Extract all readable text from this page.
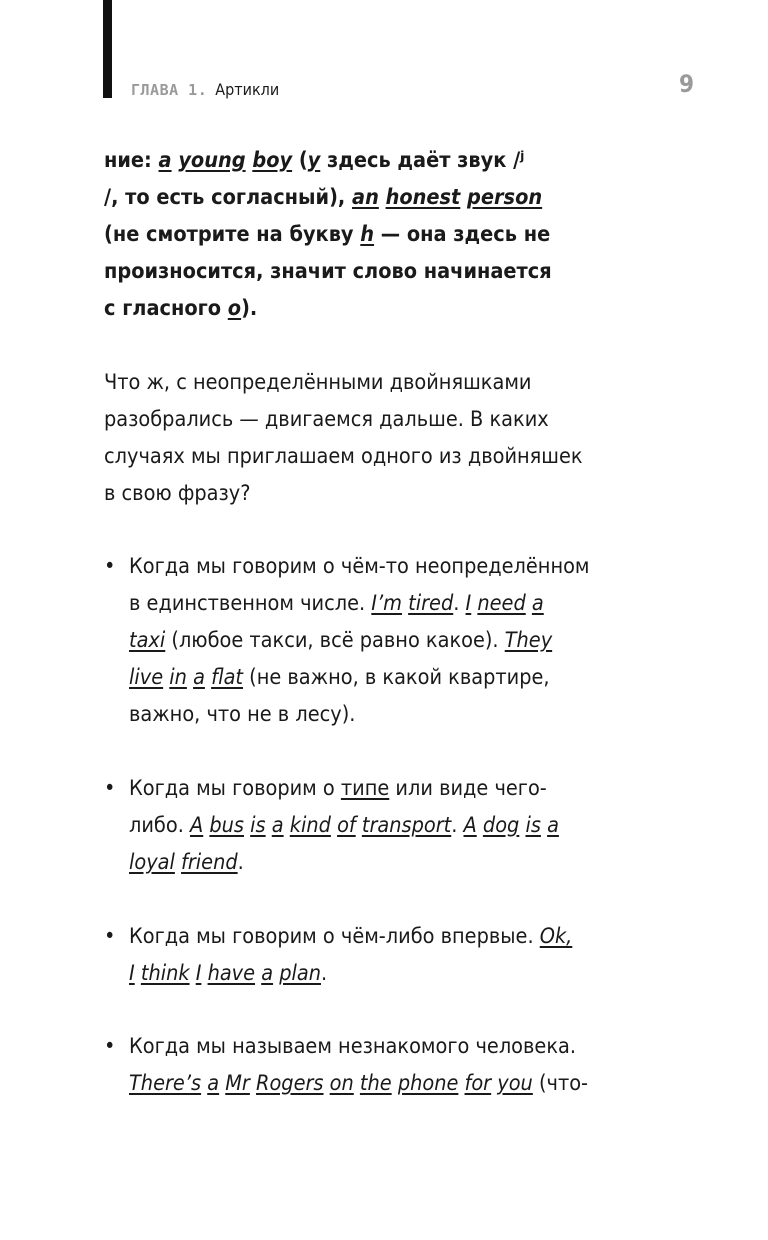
ГЛАВА 1. Артикли	9
ние: a young boy (y здесь даёт звук /ʲ
/, то есть согласный), an honest person
(не смотрите на букву h — она здесь не
произносится, значит слово начинается
с гласного o).
Что ж, с неопределёнными двойняшками
разобрались — двигаемся дальше. В каких
случаях мы приглашаем одного из двойняшек
в свою фразу?
• Когда мы говорим о чём-то неопределённом
в единственном числе. I’m tired. I need a
taxi (любое такси, всё равно какое). They
live in a flat (не важно, в какой квартире,
важно, что не в лесу).
• Когда мы говорим о типе или виде чего-
либо. A bus is a kind of transport. A dog is a
loyal friend.
• Когда мы говорим о чём-либо впервые. Ok,
I think I have a plan.
• Когда мы называем незнакомого человека.
There’s a Mr Rogers on the phone for you (что-
